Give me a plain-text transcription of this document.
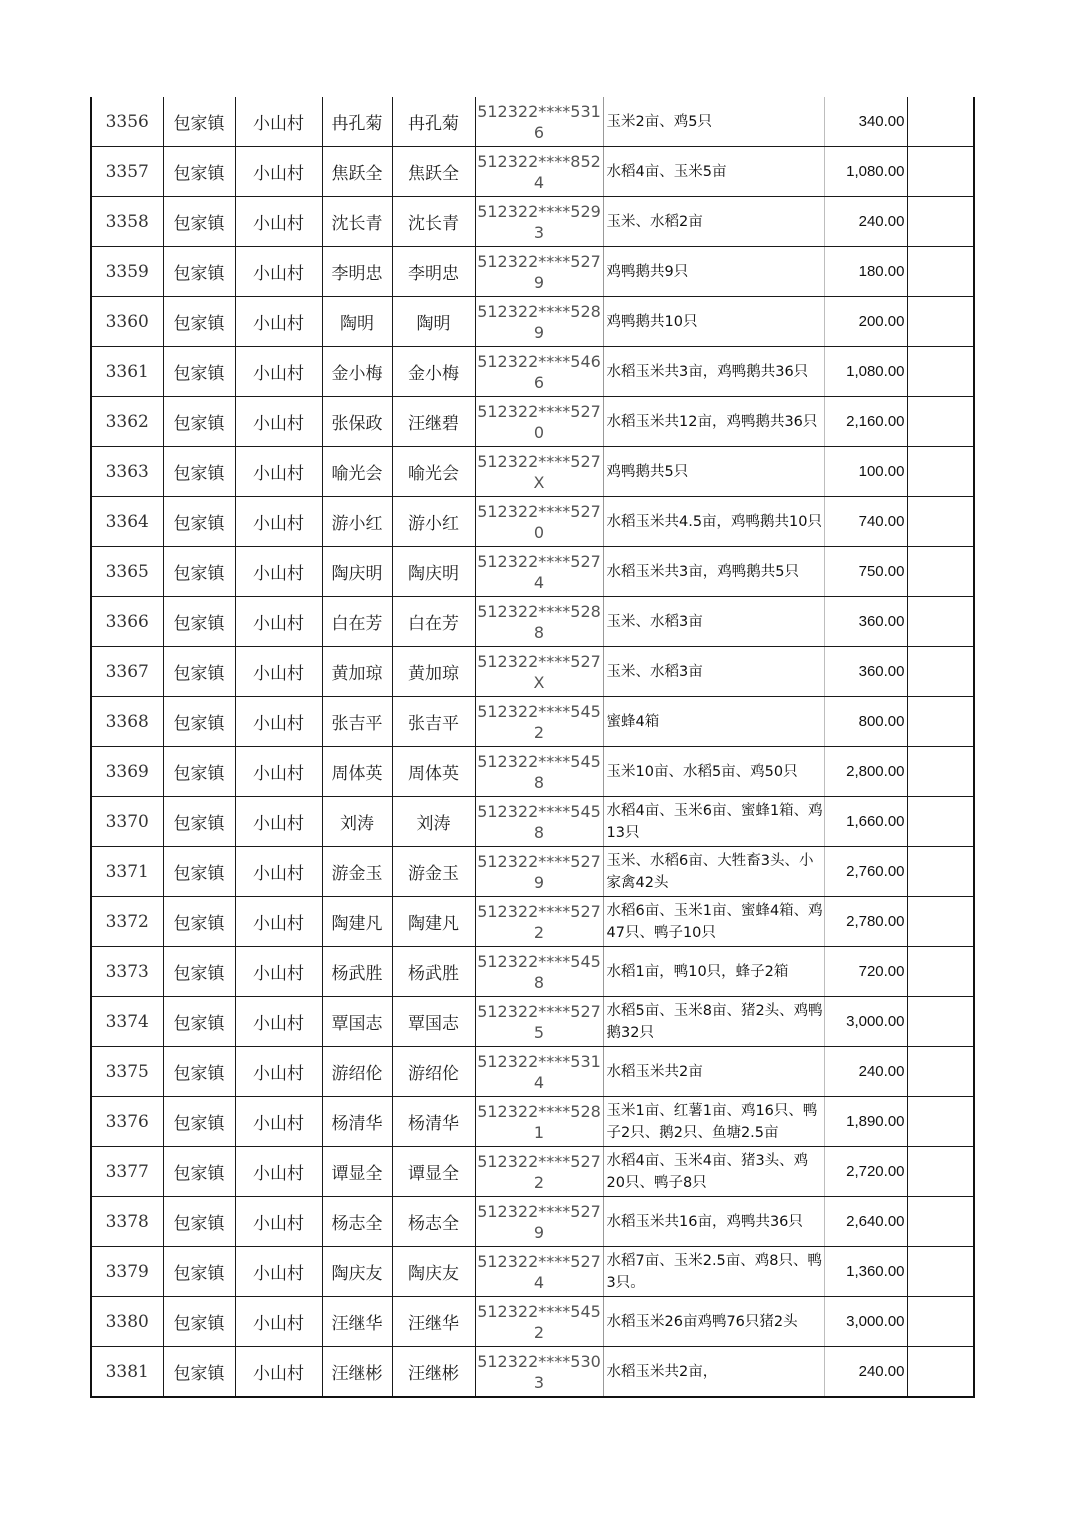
3356	包家镇	小山村	冉孔菊	冉孔菊	512322****5316	玉米2亩、鸡5只	340.00	
3357	包家镇	小山村	焦跃全	焦跃全	512322****8524	水稻4亩、玉米5亩	1,080.00	
3358	包家镇	小山村	沈长青	沈长青	512322****5293	玉米、水稻2亩	240.00	
3359	包家镇	小山村	李明忠	李明忠	512322****5279	鸡鸭鹅共9只	180.00	
3360	包家镇	小山村	陶明	陶明	512322****5289	鸡鸭鹅共10只	200.00	
3361	包家镇	小山村	金小梅	金小梅	512322****5466	水稻玉米共3亩，鸡鸭鹅共36只	1,080.00	
3362	包家镇	小山村	张保政	汪继碧	512322****5270	水稻玉米共12亩，鸡鸭鹅共36只	2,160.00	
3363	包家镇	小山村	喻光会	喻光会	512322****527X	鸡鸭鹅共5只	100.00	
3364	包家镇	小山村	游小红	游小红	512322****5270	水稻玉米共4.5亩，鸡鸭鹅共10只	740.00	
3365	包家镇	小山村	陶庆明	陶庆明	512322****5274	水稻玉米共3亩，鸡鸭鹅共5只	750.00	
3366	包家镇	小山村	白在芳	白在芳	512322****5288	玉米、水稻3亩	360.00	
3367	包家镇	小山村	黄加琼	黄加琼	512322****527X	玉米、水稻3亩	360.00	
3368	包家镇	小山村	张吉平	张吉平	512322****5452	蜜蜂4箱	800.00	
3369	包家镇	小山村	周体英	周体英	512322****5458	玉米10亩、水稻5亩、鸡50只	2,800.00	
3370	包家镇	小山村	刘涛	刘涛	512322****5458	水稻4亩、玉米6亩、蜜蜂1箱、鸡13只	1,660.00	
3371	包家镇	小山村	游金玉	游金玉	512322****5279	玉米、水稻6亩、大牲畜3头、小家禽42头	2,760.00	
3372	包家镇	小山村	陶建凡	陶建凡	512322****5272	水稻6亩、玉米1亩、蜜蜂4箱、鸡47只、鸭子10只	2,780.00	
3373	包家镇	小山村	杨武胜	杨武胜	512322****5458	水稻1亩，鸭10只，蜂子2箱	720.00	
3374	包家镇	小山村	覃国志	覃国志	512322****5275	水稻5亩、玉米8亩、猪2头、鸡鸭鹅32只	3,000.00	
3375	包家镇	小山村	游绍伦	游绍伦	512322****5314	水稻玉米共2亩	240.00	
3376	包家镇	小山村	杨清华	杨清华	512322****5281	玉米1亩、红薯1亩、鸡16只、鸭子2只、鹅2只、鱼塘2.5亩	1,890.00	
3377	包家镇	小山村	谭显全	谭显全	512322****5272	水稻4亩、玉米4亩、猪3头、鸡20只、鸭子8只	2,720.00	
3378	包家镇	小山村	杨志全	杨志全	512322****5279	水稻玉米共16亩，鸡鸭共36只	2,640.00	
3379	包家镇	小山村	陶庆友	陶庆友	512322****5274	水稻7亩、玉米2.5亩、鸡8只、鸭3只。	1,360.00	
3380	包家镇	小山村	汪继华	汪继华	512322****5452	水稻玉米26亩鸡鸭76只猪2头	3,000.00	
3381	包家镇	小山村	汪继彬	汪继彬	512322****5303	水稻玉米共2亩，	240.00	
